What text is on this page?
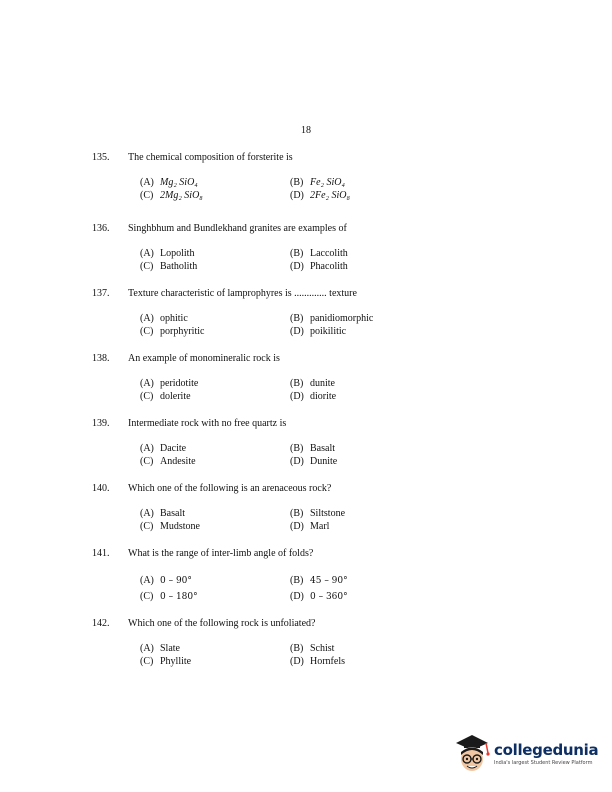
18
135.	The chemical composition of forsterite is
(A) Mg₂ SiO₄	(B) Fe₂ SiO₄
(C) 2Mg₂ SiO₈	(D) 2Fe₂ SiO₈
136.	Singhbhum and Bundlekhand granites are examples of
(A) Lopolith	(B) Laccolith
(C) Batholith	(D) Phacolith
137.	Texture characteristic of lamprophyres is ............. texture
(A) ophitic	(B) panidiomorphic
(C) porphyritic	(D) poikilitic
138.	An example of monomineralic rock is
(A) peridotite	(B) dunite
(C) dolerite	(D) diorite
139.	Intermediate rock with no free quartz is
(A) Dacite	(B) Basalt
(C) Andesite	(D) Dunite
140.	Which one of the following is an arenaceous rock?
(A) Basalt	(B) Siltstone
(C) Mudstone	(D) Marl
141.	What is the range of inter-limb angle of folds?
(A) 0 – 90°	(B) 45 – 90°
(C) 0 – 180°	(D) 0 – 360°
142.	Which one of the following rock is unfoliated?
(A) Slate	(B) Schist
(C) Phyllite	(D) Hornfels
collegedunia
India's largest Student Review Platform
